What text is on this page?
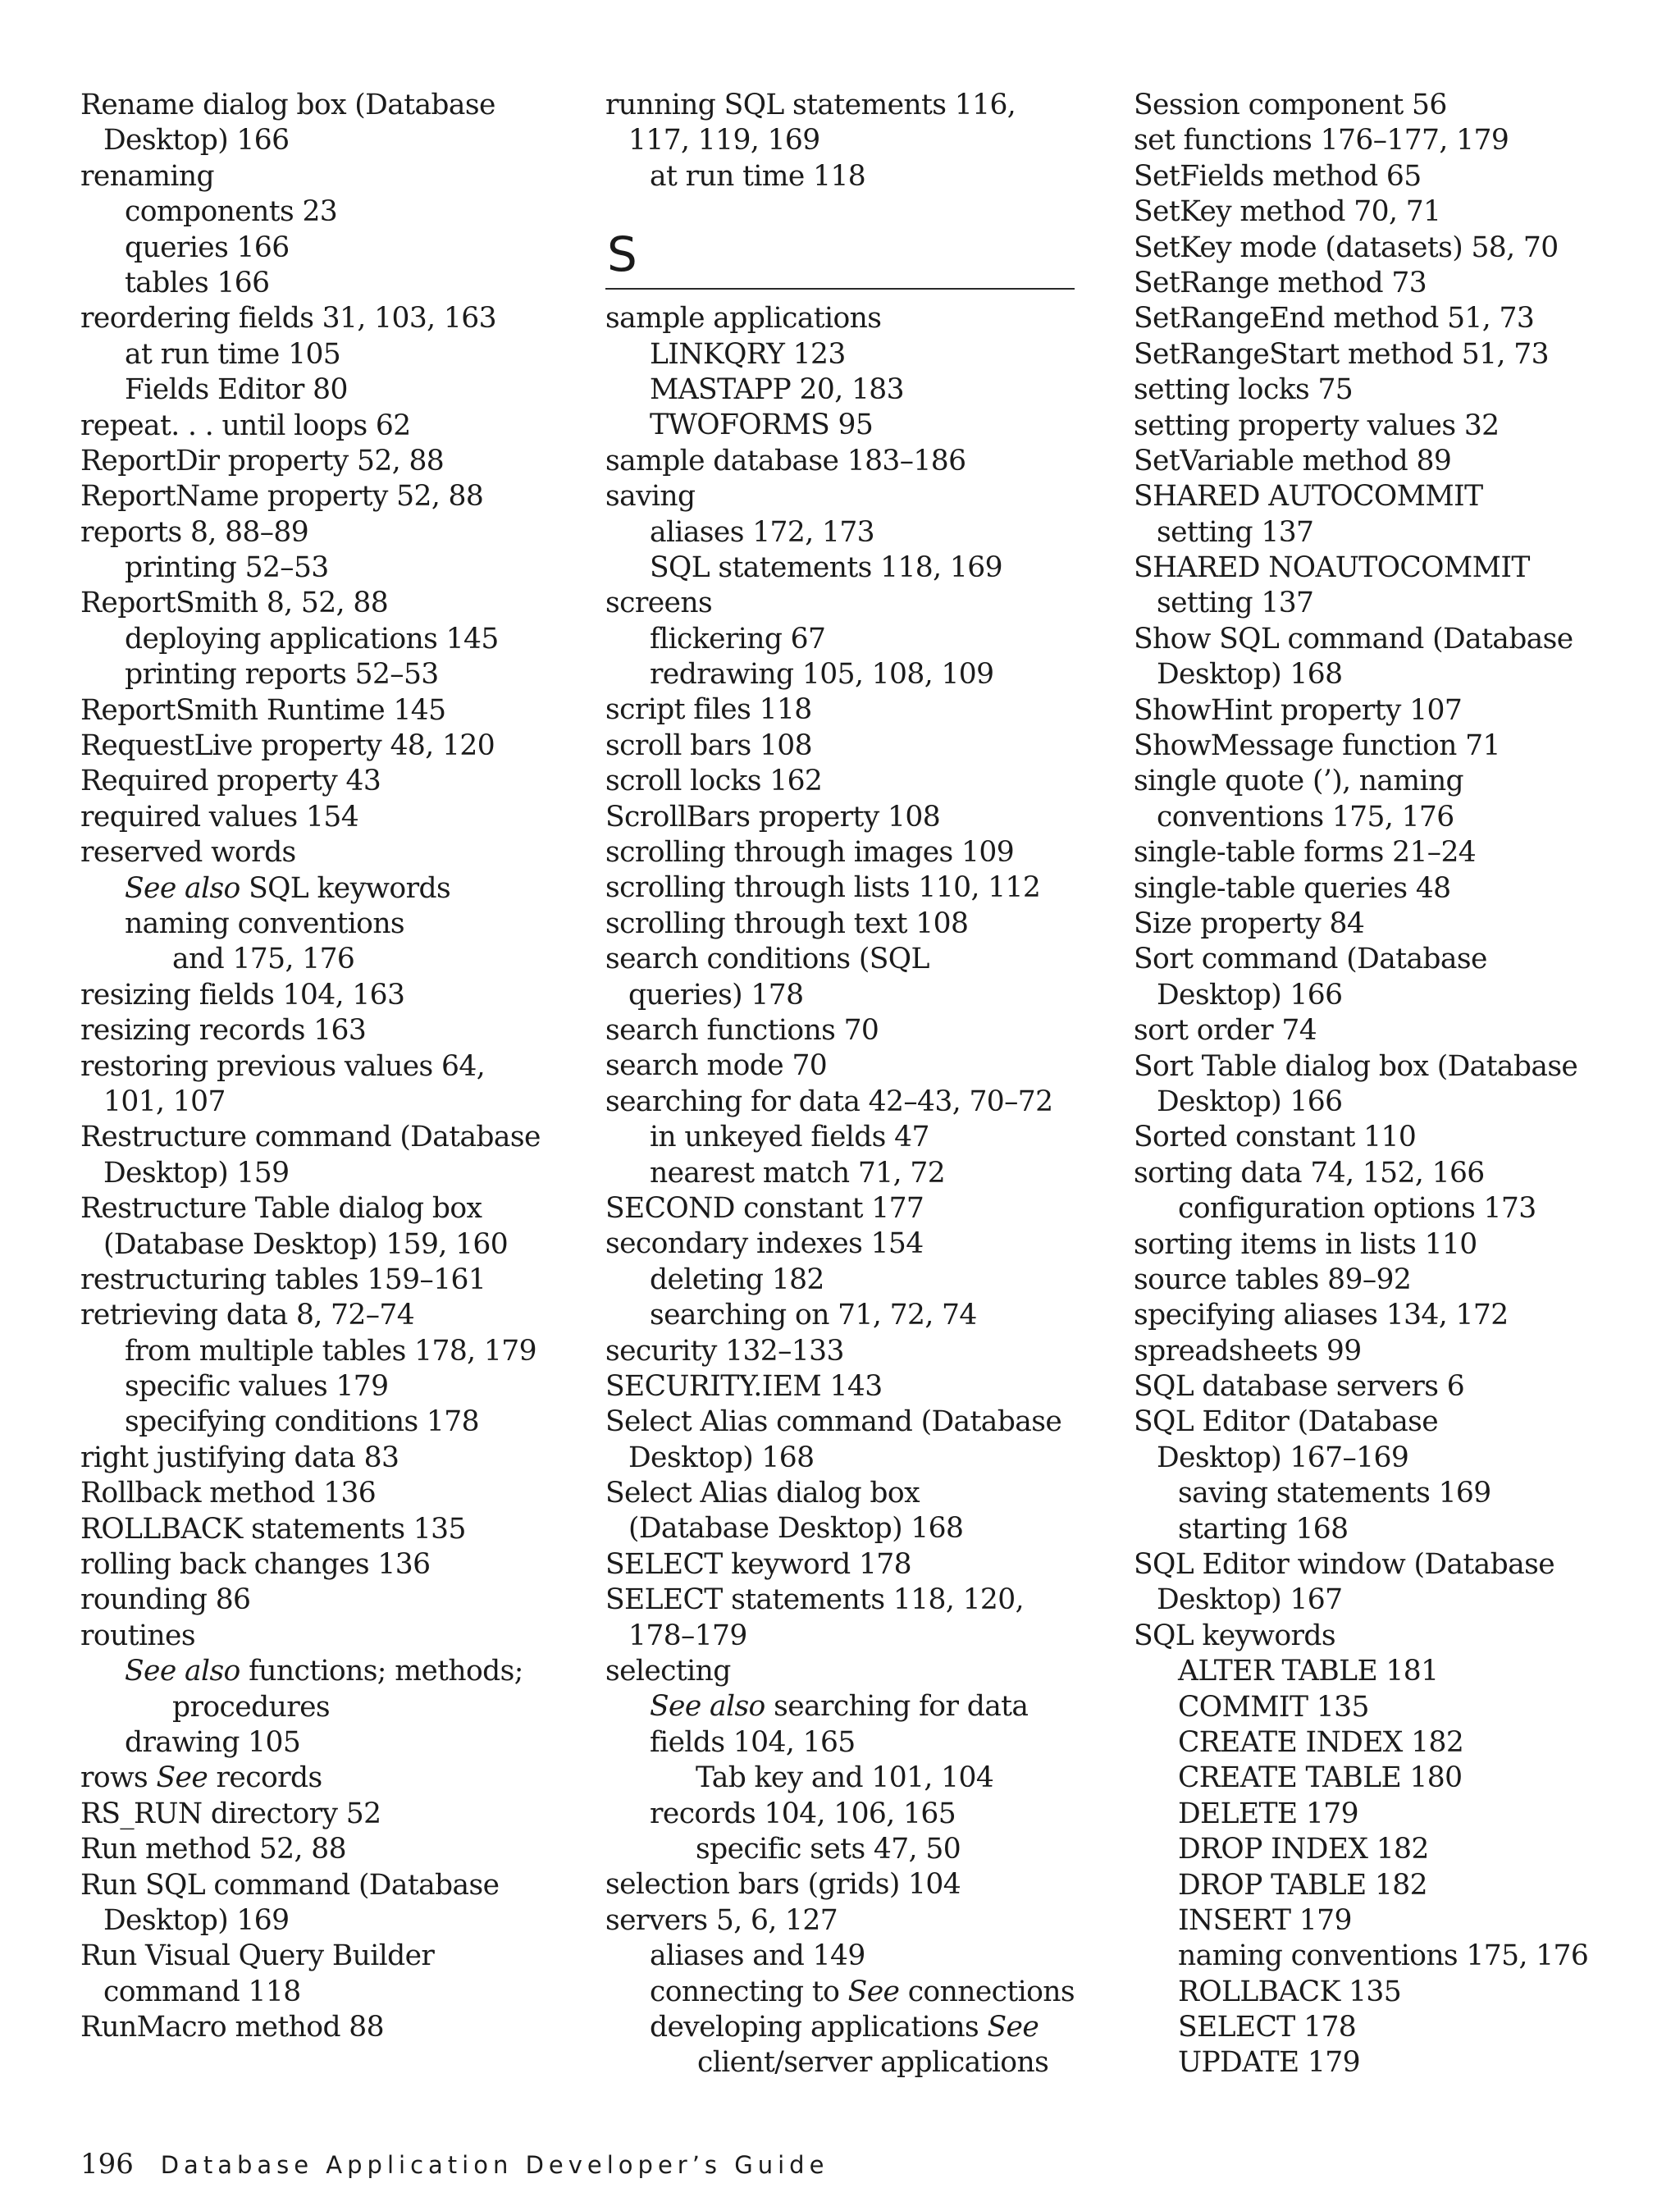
Rename dialog box (Database
Desktop) 166
renaming
components 23
queries 166
tables 166
reordering fields 31, 103, 163
at run time 105
Fields Editor 80
repeat. . . until loops 62
ReportDir property 52, 88
ReportName property 52, 88
reports 8, 88–89
printing 52–53
ReportSmith 8, 52, 88
deploying applications 145
printing reports 52–53
ReportSmith Runtime 145
RequestLive property 48, 120
Required property 43
required values 154
reserved words
See also SQL keywords
naming conventions
and 175, 176
resizing fields 104, 163
resizing records 163
restoring previous values 64,
101, 107
Restructure command (Database
Desktop) 159
Restructure Table dialog box
(Database Desktop) 159, 160
restructuring tables 159–161
retrieving data 8, 72–74
from multiple tables 178, 179
specific values 179
specifying conditions 178
right justifying data 83
Rollback method 136
ROLLBACK statements 135
rolling back changes 136
rounding 86
routines
See also functions; methods;
procedures
drawing 105
rows See records
RS_RUN directory 52
Run method 52, 88
Run SQL command (Database
Desktop) 169
Run Visual Query Builder
command 118
RunMacro method 88
running SQL statements 116,
117, 119, 169
at run time 118
S
sample applications
LINKQRY 123
MASTAPP 20, 183
TWOFORMS 95
sample database 183–186
saving
aliases 172, 173
SQL statements 118, 169
screens
flickering 67
redrawing 105, 108, 109
script files 118
scroll bars 108
scroll locks 162
ScrollBars property 108
scrolling through images 109
scrolling through lists 110, 112
scrolling through text 108
search conditions (SQL
queries) 178
search functions 70
search mode 70
searching for data 42–43, 70–72
in unkeyed fields 47
nearest match 71, 72
SECOND constant 177
secondary indexes 154
deleting 182
searching on 71, 72, 74
security 132–133
SECURITY.IEM 143
Select Alias command (Database
Desktop) 168
Select Alias dialog box
(Database Desktop) 168
SELECT keyword 178
SELECT statements 118, 120,
178–179
selecting
See also searching for data
fields 104, 165
Tab key and 101, 104
records 104, 106, 165
specific sets 47, 50
selection bars (grids) 104
servers 5, 6, 127
aliases and 149
connecting to See connections
developing applications See
client/server applications
Session component 56
set functions 176–177, 179
SetFields method 65
SetKey method 70, 71
SetKey mode (datasets) 58, 70
SetRange method 73
SetRangeEnd method 51, 73
SetRangeStart method 51, 73
setting locks 75
setting property values 32
SetVariable method 89
SHARED AUTOCOMMIT
setting 137
SHARED NOAUTOCOMMIT
setting 137
Show SQL command (Database
Desktop) 168
ShowHint property 107
ShowMessage function 71
single quote (’), naming
conventions 175, 176
single-table forms 21–24
single-table queries 48
Size property 84
Sort command (Database
Desktop) 166
sort order 74
Sort Table dialog box (Database
Desktop) 166
Sorted constant 110
sorting data 74, 152, 166
configuration options 173
sorting items in lists 110
source tables 89–92
specifying aliases 134, 172
spreadsheets 99
SQL database servers 6
SQL Editor (Database
Desktop) 167–169
saving statements 169
starting 168
SQL Editor window (Database
Desktop) 167
SQL keywords
ALTER TABLE 181
COMMIT 135
CREATE INDEX 182
CREATE TABLE 180
DELETE 179
DROP INDEX 182
DROP TABLE 182
INSERT 179
naming conventions 175, 176
ROLLBACK 135
SELECT 178
UPDATE 179
196 Database Application Developer’s Guide
